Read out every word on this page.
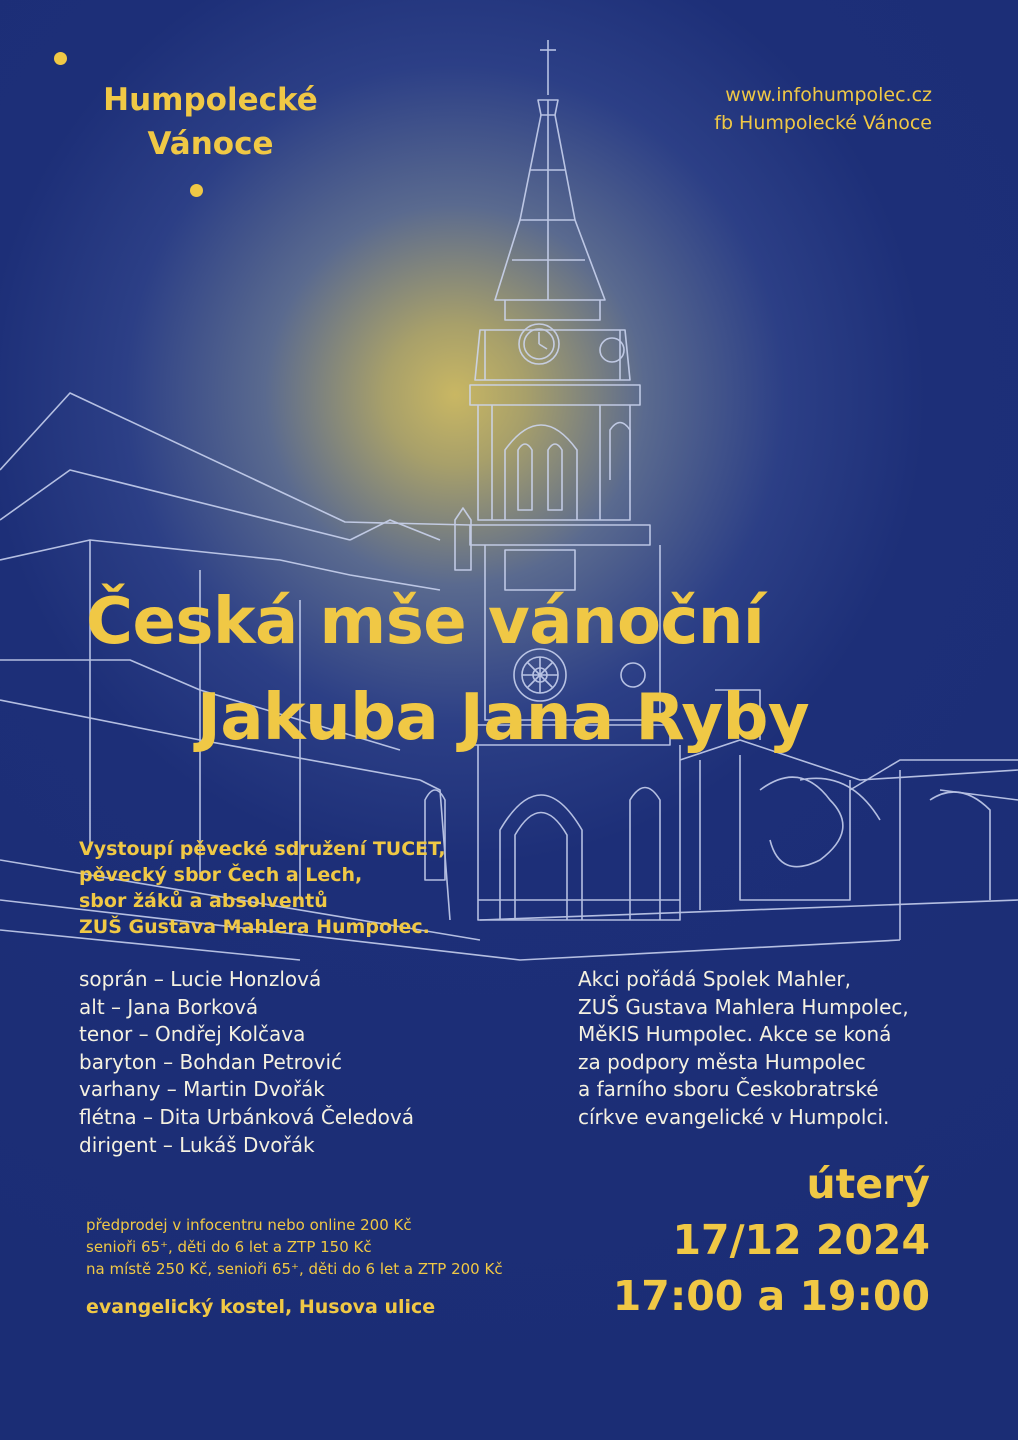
Humpolecké
Vánoce
www.infohumpolec.cz
fb Humpolecké Vánoce
Česká mše vánoční
Jakuba Jana Ryby
Vystoupí pěvecké sdružení TUCET,
pěvecký sbor Čech a Lech,
sbor žáků a absolventů
ZUŠ Gustava Mahlera Humpolec.
soprán – Lucie Honzlová
alt – Jana Borková
tenor – Ondřej Kolčava
baryton – Bohdan Petrović
varhany – Martin Dvořák
flétna – Dita Urbánková Čeledová
dirigent – Lukáš Dvořák
Akci pořádá Spolek Mahler,
ZUŠ Gustava Mahlera Humpolec,
MěKIS Humpolec. Akce se koná
za podpory města Humpolec
a farního sboru Českobratrské
církve evangelické v Humpolci.
předprodej v infocentru nebo online 200 Kč
senioři 65⁺, děti do 6 let a ZTP 150 Kč
na místě 250 Kč, senioři 65⁺, děti do 6 let a ZTP 200 Kč
evangelický kostel, Husova ulice
úterý
17/12 2024
17:00 a 19:00
